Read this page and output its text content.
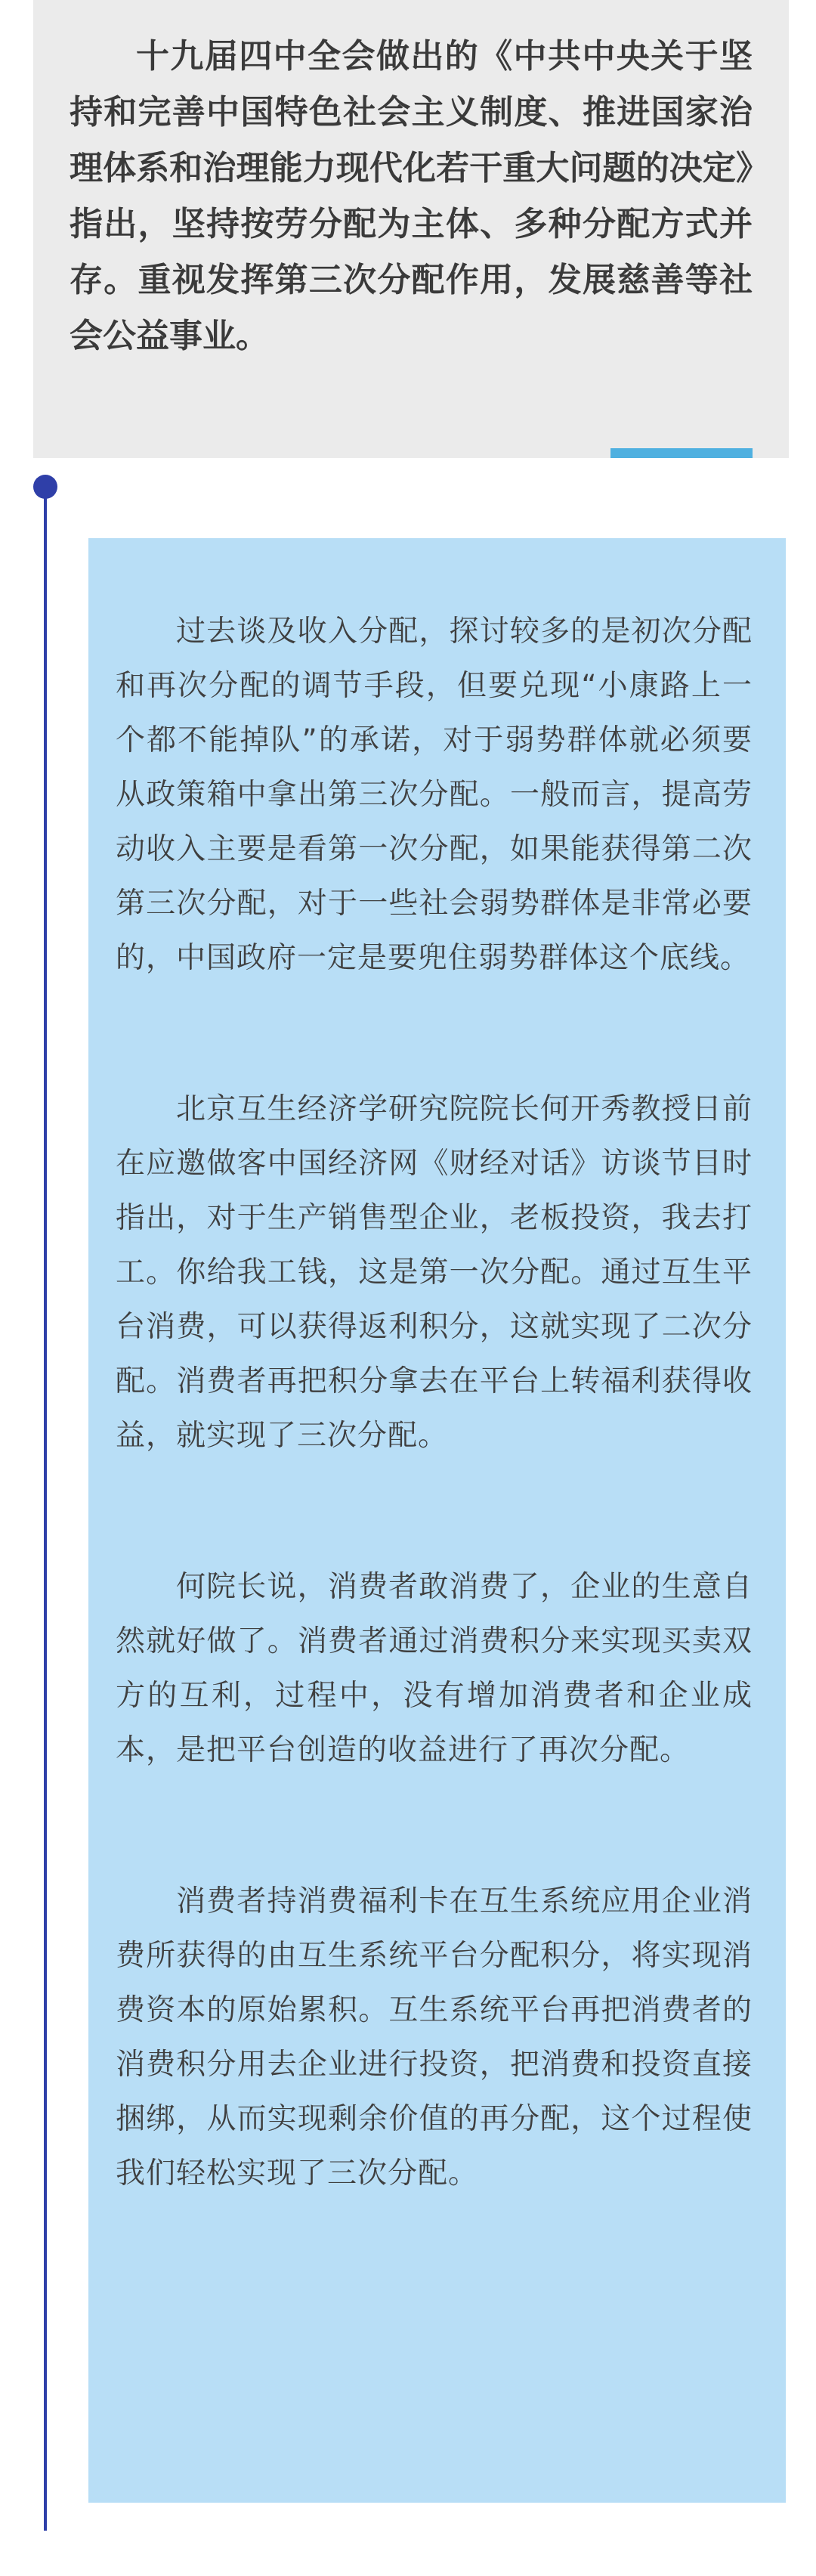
十九届四中全会做出的《中共中央关于坚持和完善中国特色社会主义制度、推进国家治理体系和治理能力现代化若干重大问题的决定》指出，坚持按劳分配为主体、多种分配方式并存。重视发挥第三次分配作用，发展慈善等社会公益事业。

过去谈及收入分配，探讨较多的是初次分配和再次分配的调节手段，但要兑现“小康路上一个都不能掉队”的承诺，对于弱势群体就必须要从政策箱中拿出第三次分配。一般而言，提高劳动收入主要是看第一次分配，如果能获得第二次第三次分配，对于一些社会弱势群体是非常必要的，中国政府一定是要兜住弱势群体这个底线。

北京互生经济学研究院院长何开秀教授日前在应邀做客中国经济网《财经对话》访谈节目时指出，对于生产销售型企业，老板投资，我去打工。你给我工钱，这是第一次分配。通过互生平台消费，可以获得返利积分，这就实现了二次分配。消费者再把积分拿去在平台上转福利获得收益，就实现了三次分配。

何院长说，消费者敢消费了，企业的生意自然就好做了。消费者通过消费积分来实现买卖双方的互利，过程中，没有增加消费者和企业成本，是把平台创造的收益进行了再次分配。

消费者持消费福利卡在互生系统应用企业消费所获得的由互生系统平台分配积分，将实现消费资本的原始累积。互生系统平台再把消费者的消费积分用去企业进行投资，把消费和投资直接捆绑，从而实现剩余价值的再分配，这个过程使我们轻松实现了三次分配。
